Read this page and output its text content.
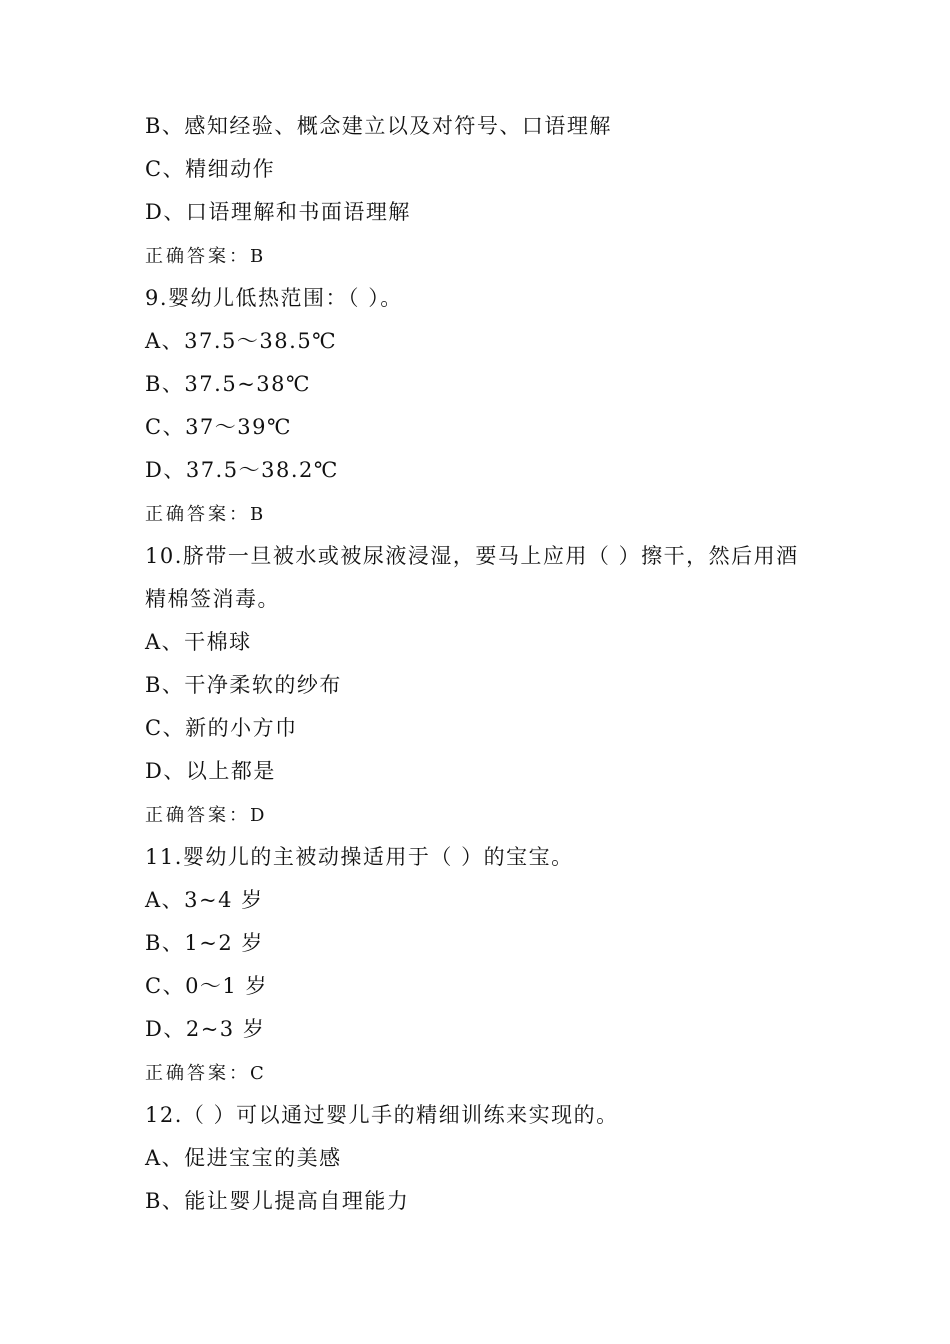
B、感知经验、概念建立以及对符号、口语理解
C、精细动作
D、口语理解和书面语理解
正确答案：B
9.婴幼儿低热范围：（ ）。
A、37.5～38.5℃
B、37.5~38℃
C、37～39℃
D、37.5～38.2℃
正确答案：B
10.脐带一旦被水或被尿液浸湿，要马上应用（ ）擦干，然后用酒
精棉签消毒。
A、干棉球
B、干净柔软的纱布
C、新的小方巾
D、以上都是
正确答案：D
11.婴幼儿的主被动操适用于（ ）的宝宝。
A、3~4 岁
B、1~2 岁
C、0～1 岁
D、2~3 岁
正确答案：C
12.（ ）可以通过婴儿手的精细训练来实现的。
A、促进宝宝的美感
B、能让婴儿提高自理能力
